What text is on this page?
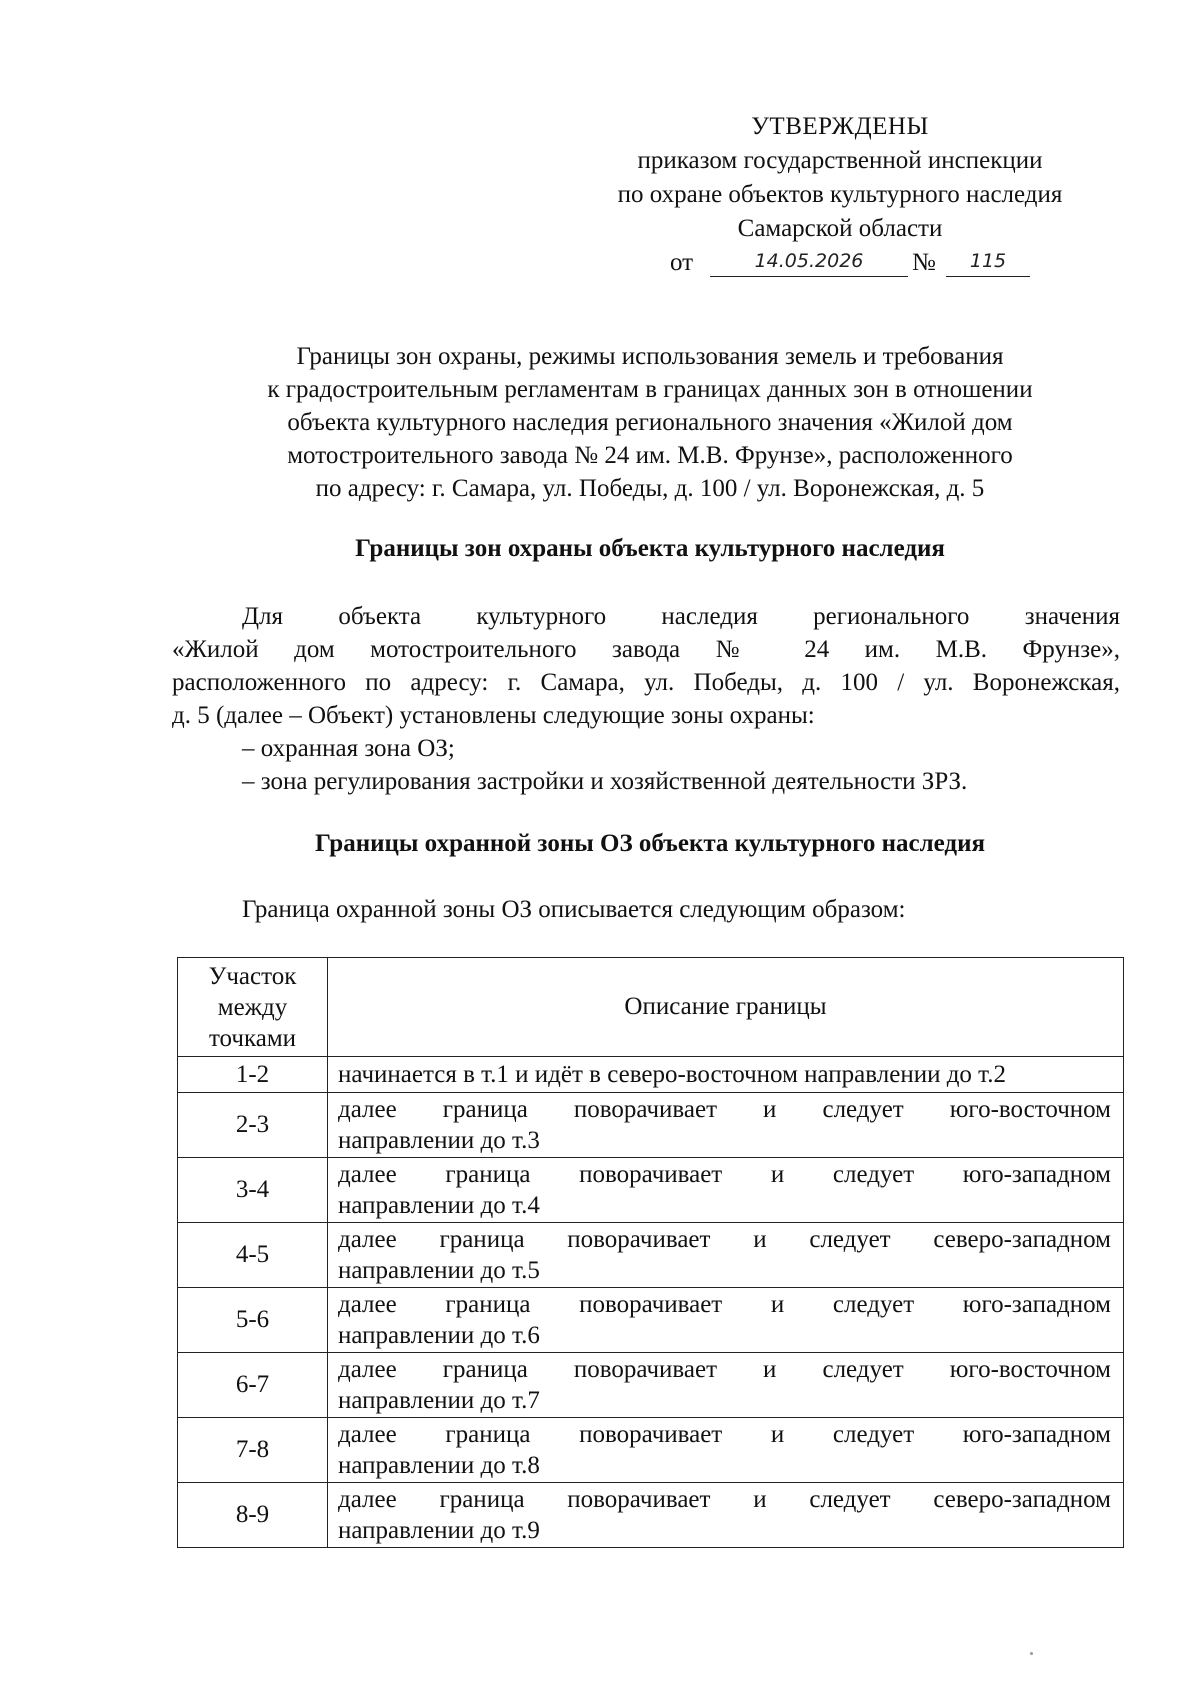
УТВЕРЖДЕНЫ
приказом государственной инспекции
по охране объектов культурного наследия
Самарской области
от	14.05.2026	№	115
Границы зон охраны, режимы использования земель и требования
к градостроительным регламентам в границах данных зон в отношении
объекта культурного наследия регионального значения «Жилой дом
мотостроительного завода № 24 им. М.В. Фрунзе», расположенного
по адресу: г. Самара, ул. Победы, д. 100 / ул. Воронежская, д. 5
Границы зон охраны объекта культурного наследия
Для объекта культурного наследия регионального значения
«Жилой дом мотостроительного завода № 24 им. М.В. Фрунзе»,
расположенного по адресу: г. Самара, ул. Победы, д. 100 / ул. Воронежская,
д. 5 (далее – Объект) установлены следующие зоны охраны:
– охранная зона ОЗ;
– зона регулирования застройки и хозяйственной деятельности ЗРЗ.
Границы охранной зоны ОЗ объекта культурного наследия
Граница охранной зоны ОЗ описывается следующим образом:
Участок
между
точками	Описание границы
1-2	начинается в т.1 и идёт в северо-восточном направлении до т.2
2-3	далее граница поворачивает и следует юго-восточном
направлении до т.3

3-4	далее граница поворачивает и следует юго-западном
направлении до т.4

4-5	далее граница поворачивает и следует северо-западном
направлении до т.5

5-6	далее граница поворачивает и следует юго-западном
направлении до т.6

6-7	далее граница поворачивает и следует юго-восточном
направлении до т.7

7-8	далее граница поворачивает и следует юго-западном
направлении до т.8

8-9	далее граница поворачивает и следует северо-западном
направлении до т.9
